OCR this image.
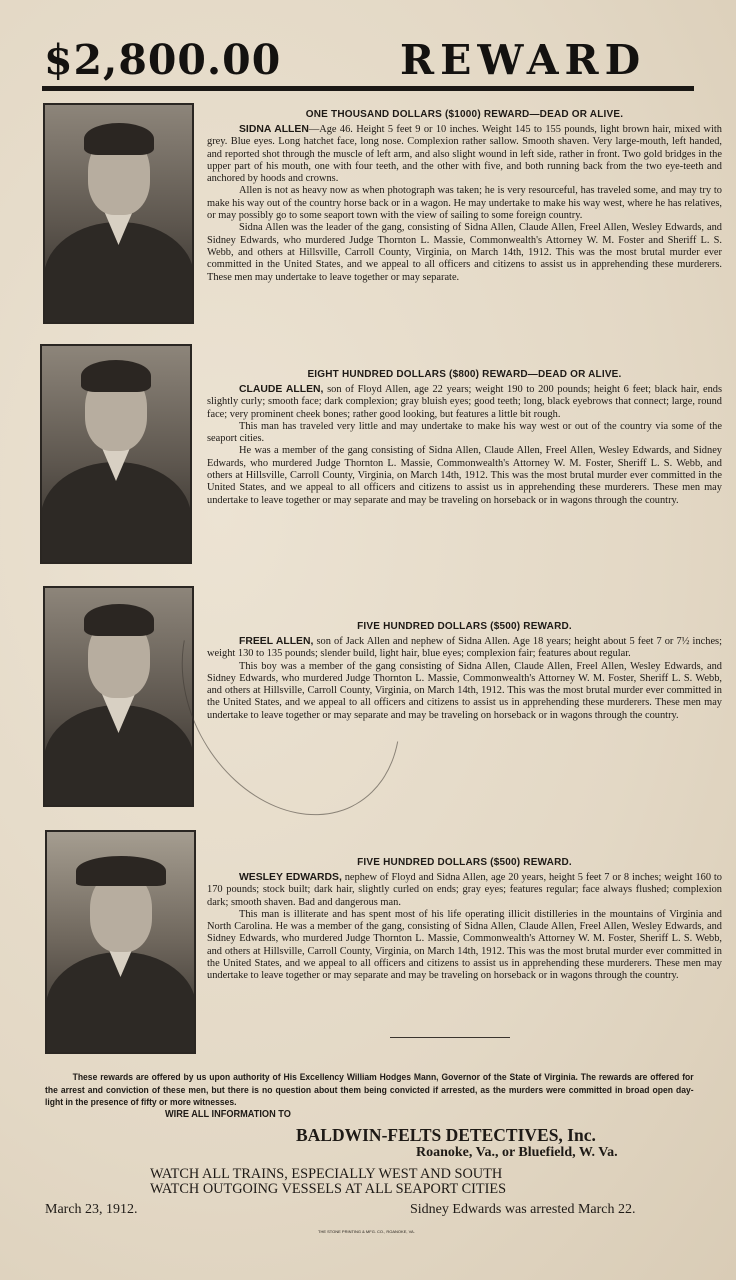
$2,800.00	REWARD
ONE THOUSAND DOLLARS ($1000) REWARD—DEAD OR ALIVE.

SIDNA ALLEN—Age 46. Height 5 feet 9 or 10 inches. Weight 145 to 155 pounds, light brown hair, mixed with grey. Blue eyes. Long hatchet face, long nose. Complexion rather sallow. Smooth shaven. Very large-mouth, left handed, and reported shot through the muscle of left arm, and also slight wound in left side, rather in front. Two gold bridges in the upper part of his mouth, one with four teeth, and the other with five, and both running back from the two eye-teeth and anchored by hoods and crowns.

Allen is not as heavy now as when photograph was taken; he is very resourceful, has traveled some, and may try to make his way out of the country horse back or in a wagon. He may undertake to make his way west, where he has relatives, or may possibly go to some seaport town with the view of sailing to some foreign country.

Sidna Allen was the leader of the gang, consisting of Sidna Allen, Claude Allen, Freel Allen, Wesley Edwards, and Sidney Edwards, who murdered Judge Thornton L. Massie, Commonwealth's Attorney W. M. Foster and Sheriff L. S. Webb, and others at Hillsville, Carroll County, Virginia, on March 14th, 1912. This was the most brutal murder ever committed in the United States, and we appeal to all officers and citizens to assist us in apprehending these murderers. These men may undertake to leave together or may separate.

EIGHT HUNDRED DOLLARS ($800) REWARD—DEAD OR ALIVE.

CLAUDE ALLEN, son of Floyd Allen, age 22 years; weight 190 to 200 pounds; height 6 feet; black hair, ends slightly curly; smooth face; dark complexion; gray bluish eyes; good teeth; long, black eyebrows that connect; large, round face; very prominent cheek bones; rather good looking, but features a little bit rough.

This man has traveled very little and may undertake to make his way west or out of the country via some of the seaport cities.

He was a member of the gang consisting of Sidna Allen, Claude Allen, Freel Allen, Wesley Edwards, and Sidney Edwards, who murdered Judge Thornton L. Massie, Commonwealth's Attorney W. M. Foster, Sheriff L. S. Webb, and others at Hillsville, Carroll County, Virginia, on March 14th, 1912. This was the most brutal murder ever committed in the United States, and we appeal to all officers and citizens to assist us in apprehending these murderers. These men may undertake to leave together or may separate and may be traveling on horseback or in wagons through the country.

FIVE HUNDRED DOLLARS ($500) REWARD.

FREEL ALLEN, son of Jack Allen and nephew of Sidna Allen. Age 18 years; height about 5 feet 7 or 7½ inches; weight 130 to 135 pounds; slender build, light hair, blue eyes; complexion fair; features about regular.

This boy was a member of the gang consisting of Sidna Allen, Claude Allen, Freel Allen, Wesley Edwards, and Sidney Edwards, who murdered Judge Thornton L. Massie, Commonwealth's Attorney W. M. Foster, Sheriff L. S. Webb, and others at Hillsville, Carroll County, Virginia, on March 14th, 1912. This was the most brutal murder ever committed in the United States, and we appeal to all officers and citizens to assist us in apprehending these murderers. These men may undertake to leave together or may separate and may be traveling on horseback or in wagons through the country.

FIVE HUNDRED DOLLARS ($500) REWARD.

WESLEY EDWARDS, nephew of Floyd and Sidna Allen, age 20 years, height 5 feet 7 or 8 inches; weight 160 to 170 pounds; stock built; dark hair, slightly curled on ends; gray eyes; features regular; face always flushed; complexion dark; smooth shaven. Bad and dangerous man.

This man is illiterate and has spent most of his life operating illicit distilleries in the mountains of Virginia and North Carolina. He was a member of the gang, consisting of Sidna Allen, Claude Allen, Freel Allen, Wesley Edwards, and Sidney Edwards, who murdered Judge Thornton L. Massie, Commonwealth's Attorney W. M. Foster, Sheriff L. S. Webb, and others at Hillsville, Carroll County, Virginia, on March 14th, 1912. This was the most brutal murder ever committed in the United States, and we appeal to all officers and citizens to assist us in apprehending these murderers. These men may undertake to leave together or may separate and may be traveling on horseback or in wagons through the country.

These rewards are offered by us upon authority of His Excellency William Hodges Mann, Governor of the State of Virginia. The rewards are offered for the arrest and conviction of these men, but there is no question about them being convicted if arrested, as the murders were committed in broad open day-light in the presence of fifty or more witnesses.
WIRE ALL INFORMATION TO
BALDWIN-FELTS DETECTIVES, Inc.
Roanoke, Va., or Bluefield, W. Va.
WATCH ALL TRAINS, ESPECIALLY WEST AND SOUTH
WATCH OUTGOING VESSELS AT ALL SEAPORT CITIES
March 23, 1912.	Sidney Edwards was arrested March 22.
THE STONE PRINTING & MFG. CO., ROANOKE, VA.
